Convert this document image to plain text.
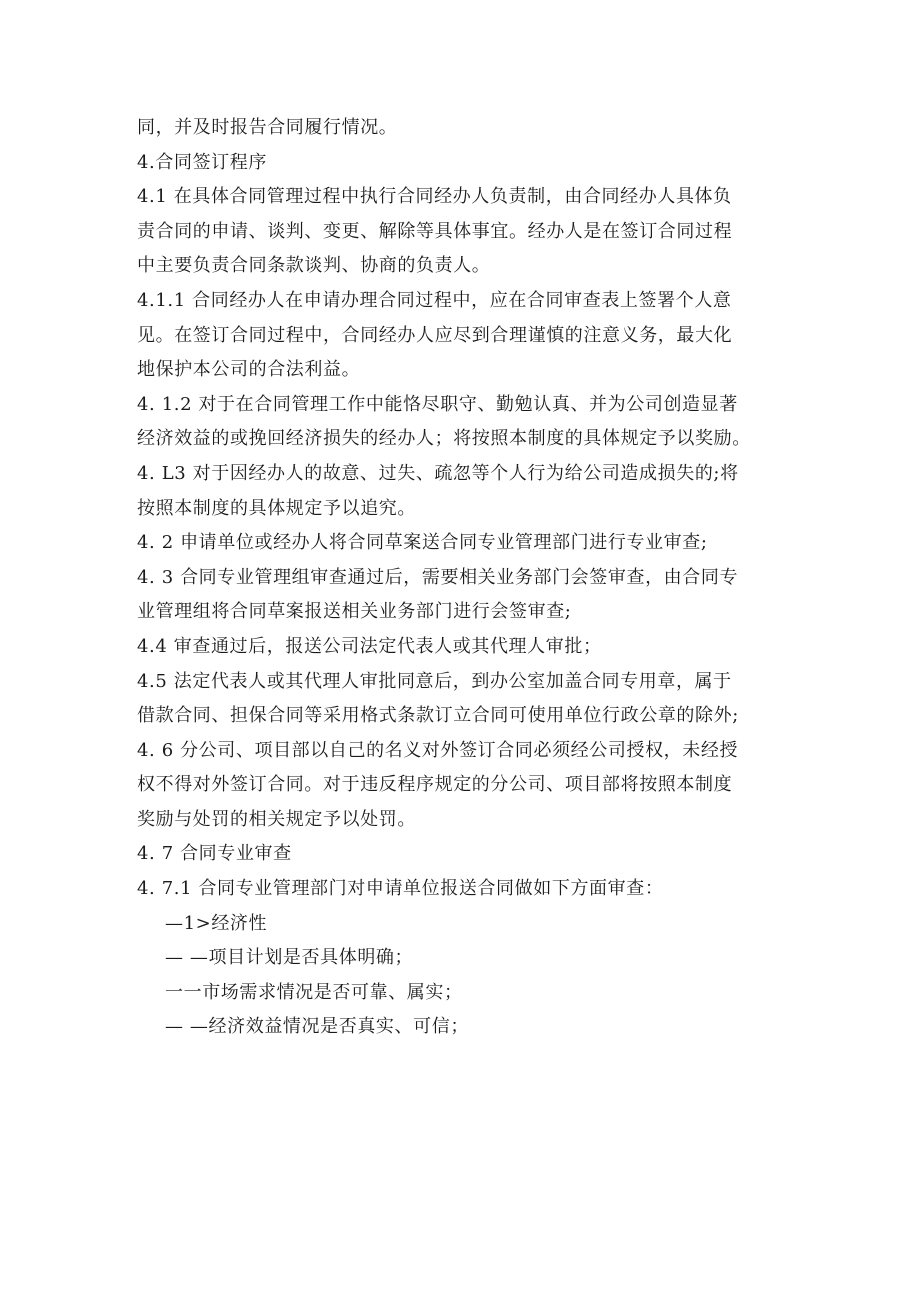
同，并及时报告合同履行情况。
4.合同签订程序
4.1 在具体合同管理过程中执行合同经办人负责制，由合同经办人具体负
责合同的申请、谈判、变更、解除等具体事宜。经办人是在签订合同过程
中主要负责合同条款谈判、协商的负责人。
4.1.1 合同经办人在申请办理合同过程中，应在合同审查表上签署个人意
见。在签订合同过程中，合同经办人应尽到合理谨慎的注意义务，最大化
地保护本公司的合法利益。
4. 1.2 对于在合同管理工作中能恪尽职守、勤勉认真、并为公司创造显著
经济效益的或挽回经济损失的经办人；将按照本制度的具体规定予以奖励。
4. L3 对于因经办人的故意、过失、疏忽等个人行为给公司造成损失的;将
按照本制度的具体规定予以追究。
4. 2 申请单位或经办人将合同草案送合同专业管理部门进行专业审查;
4. 3 合同专业管理组审查通过后，需要相关业务部门会签审查，由合同专
业管理组将合同草案报送相关业务部门进行会签审查;
4.4 审查通过后，报送公司法定代表人或其代理人审批；
4.5 法定代表人或其代理人审批同意后，到办公室加盖合同专用章，属于
借款合同、担保合同等采用格式条款订立合同可使用单位行政公章的除外;
4. 6 分公司、项目部以自己的名义对外签订合同必须经公司授权，未经授
权不得对外签订合同。对于违反程序规定的分公司、项目部将按照本制度
奖励与处罚的相关规定予以处罚。
4. 7 合同专业审查
4. 7.1 合同专业管理部门对申请单位报送合同做如下方面审查：
—1>经济性
— —项目计划是否具体明确；
一一市场需求情况是否可靠、属实；
— —经济效益情况是否真实、可信；
